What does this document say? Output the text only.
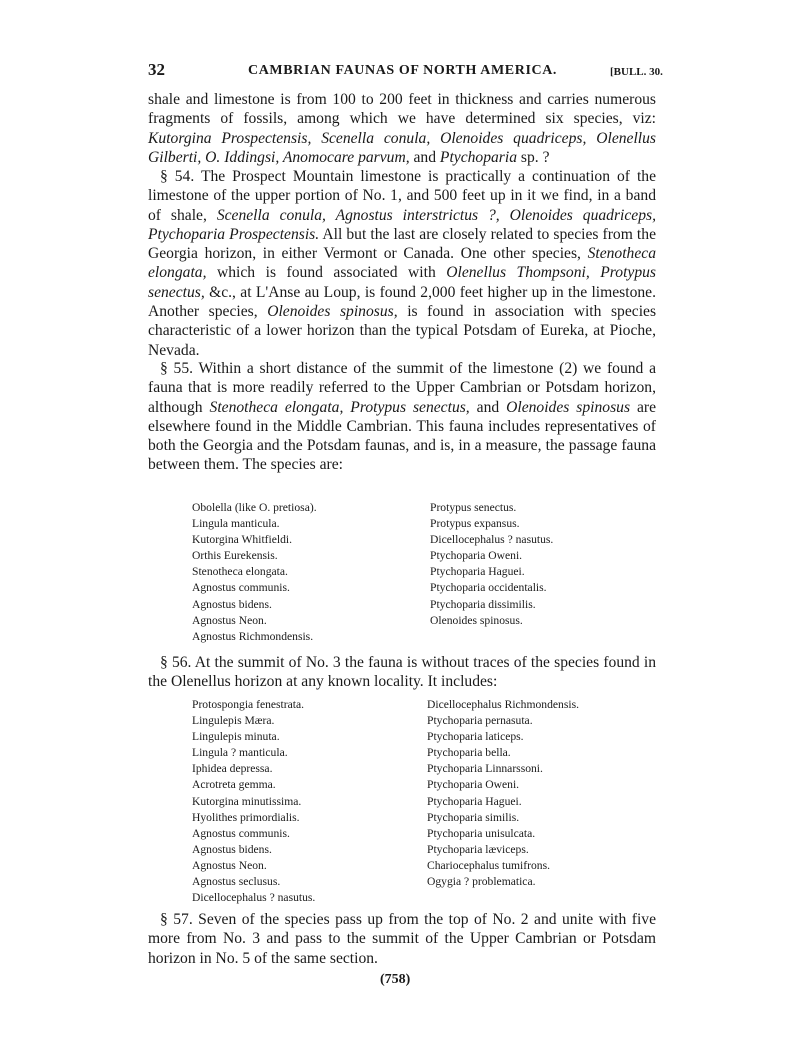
32	CAMBRIAN FAUNAS OF NORTH AMERICA.	[BULL. 30.

shale and limestone is from 100 to 200 feet in thickness and carries numerous fragments of fossils, among which we have determined six species, viz: Kutorgina Prospectensis, Scenella conula, Olenoides quadriceps, Olenellus Gilberti, O. Iddingsi, Anomocare parvum, and Ptychoparia sp. ?

§ 54. The Prospect Mountain limestone is practically a continuation of the limestone of the upper portion of No. 1, and 500 feet up in it we find, in a band of shale, Scenella conula, Agnostus interstrictus ?, Olenoides quadriceps, Ptychoparia Prospectensis. All but the last are closely related to species from the Georgia horizon, in either Vermont or Canada. One other species, Stenotheca elongata, which is found associated with Olenellus Thompsoni, Protypus senectus, &c., at L'Anse au Loup, is found 2,000 feet higher up in the limestone. Another species, Olenoides spinosus, is found in association with species characteristic of a lower horizon than the typical Potsdam of Eureka, at Pioche, Nevada.

§ 55. Within a short distance of the summit of the limestone (2) we found a fauna that is more readily referred to the Upper Cambrian or Potsdam horizon, although Stenotheca elongata, Protypus senectus, and Olenoides spinosus are elsewhere found in the Middle Cambrian. This fauna includes representatives of both the Georgia and the Potsdam faunas, and is, in a measure, the passage fauna between them. The species are:

Obolella (like O. pretiosa).
Lingula manticula.
Kutorgina Whitfieldi.
Orthis Eurekensis.
Stenotheca elongata.
Agnostus communis.
Agnostus bidens.
Agnostus Neon.
Agnostus Richmondensis.
Protypus senectus.
Protypus expansus.
Dicellocephalus ? nasutus.
Ptychoparia Oweni.
Ptychoparia Haguei.
Ptychoparia occidentalis.
Ptychoparia dissimilis.
Olenoides spinosus.

§ 56. At the summit of No. 3 the fauna is without traces of the species found in the Olenellus horizon at any known locality. It includes:

Protospongia fenestrata.
Lingulepis Mæra.
Lingulepis minuta.
Lingula ? manticula.
Iphidea depressa.
Acrotreta gemma.
Kutorgina minutissima.
Hyolithes primordialis.
Agnostus communis.
Agnostus bidens.
Agnostus Neon.
Agnostus seclusus.
Dicellocephalus ? nasutus.
Dicellocephalus Richmondensis.
Ptychoparia pernasuta.
Ptychoparia laticeps.
Ptychoparia bella.
Ptychoparia Linnarssoni.
Ptychoparia Oweni.
Ptychoparia Haguei.
Ptychoparia similis.
Ptychoparia unisulcata.
Ptychoparia læviceps.
Chariocephalus tumifrons.
Ogygia ? problematica.

§ 57. Seven of the species pass up from the top of No. 2 and unite with five more from No. 3 and pass to the summit of the Upper Cambrian or Potsdam horizon in No. 5 of the same section.

(758)
